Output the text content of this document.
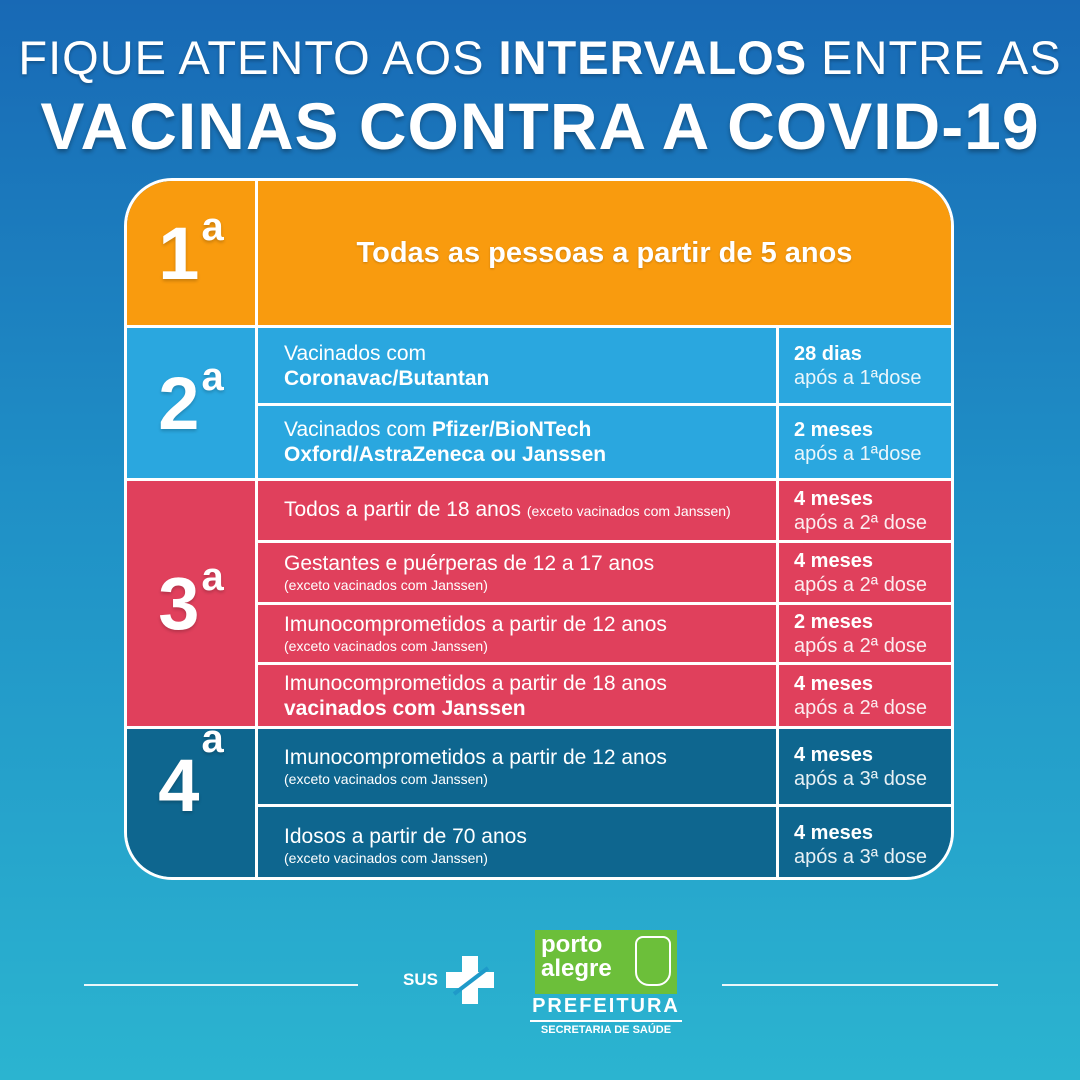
FIQUE ATENTO AOS INTERVALOS ENTRE AS
VACINAS CONTRA A COVID-19
1 a
Todas as pessoas a partir de 5 anos
2 a
Vacinados com
Coronavac/Butantan
28 dias
após a 1ªdose
Vacinados com Pfizer/BioNTech
Oxford/AstraZeneca ou Janssen
2 meses
após a 1ªdose
3 a
Todos a partir de 18 anos (exceto vacinados com Janssen)
4 meses
após a 2ª dose
Gestantes e puérperas de 12 a 17 anos
(exceto vacinados com Janssen)
4 meses
após a 2ª dose
Imunocomprometidos a partir de 12 anos
(exceto vacinados com Janssen)
2 meses
após a 2ª dose
Imunocomprometidos a partir de 18 anos
vacinados com Janssen
4 meses
após a 2ª dose
4
a	Imunocomprometidos a partir de 12 anos
(exceto vacinados com Janssen)
4 meses
após a 3ª dose
Idosos a partir de 70 anos
(exceto vacinados com Janssen)
4 meses
após a 3ª dose
SUS
porto
alegre
PREFEITURA
SECRETARIA DE SAÚDE
